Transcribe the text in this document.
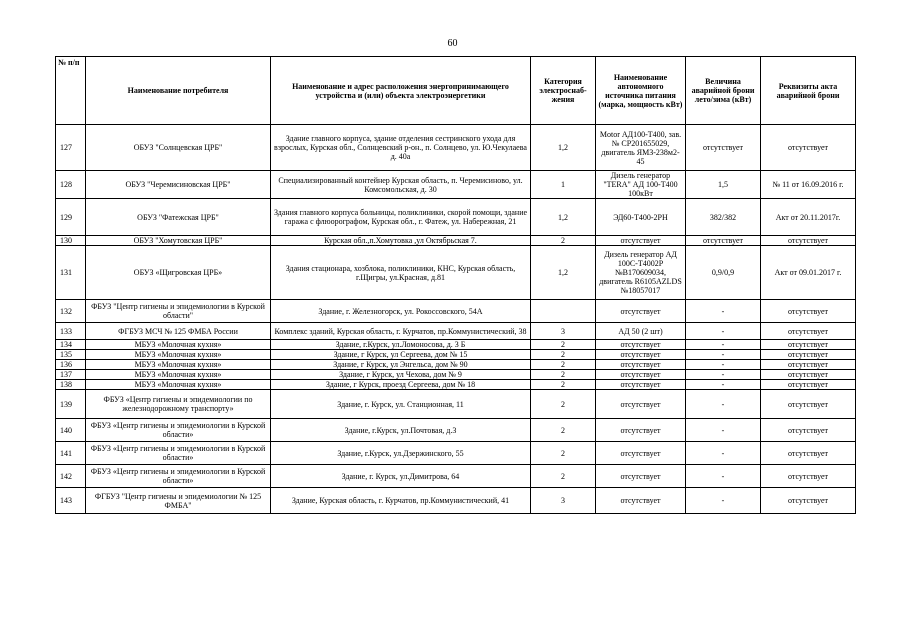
60
№ п/п	Наименование потребителя	Наименование и адрес расположения энергопринимающего устройства и (или) объекта электроэнергетики	Категория электроснаб-жения	Наименование автономного источника питания (марка, мощность кВт)	Величина аварийной брони лето/зима (кВт)	Реквизиты акта аварийной брони
127	ОБУЗ "Солнцевская ЦРБ"	Здание главного корпуса, здание отделения сестринского ухода для взрослых, Курская обл., Солнцевский р-он., п. Солнцево, ул. Ю.Чекулаева д. 40а	1,2	Motor АД100-Т400, зав. № CP201655029, двигатель ЯМЗ-238м2-45	отсутствует	отсутствует
128	ОБУЗ "Черемисиновская ЦРБ"	Специализированный контейнер Курская область, п. Черемисиново, ул. Комсомольская, д. 30	1	Дизель генератор "TERA" АД 100-Т400 100кВт	1,5	№ 11 от 16.09.2016 г.
129	ОБУЗ "Фатежская ЦРБ"	Здания главного корпуса больницы, поликлиники, скорой помощи, здание гаража с флюорографом, Курская обл., г. Фатеж, ул. Набережная, 21	1,2	ЭД60-Т400-2РН	382/382	Акт от 20.11.2017г.
130	ОБУЗ "Хомутовская ЦРБ"	Курская обл.,п.Хомутовка ,ул Октябрьская 7.	2	отсутствует	отсутствует	отсутствует
131	ОБУЗ «Щигровская ЦРБ»	Здания стационара, хозблока, поликлиники, КНС, Курская область, г.Щигры, ул.Красная, д.81	1,2	Дизель генератор АД 100С-Т4002Р №В170609034, двигатель R6105AZLDS №18057017	0,9/0,9	Акт от 09.01.2017 г.
132	ФБУЗ "Центр гигиены и эпидемиологии в Курской области"	Здание, г. Железногорск, ул. Рокоссовского, 54А		отсутствует	-	отсутствует
133	ФГБУЗ МСЧ № 125 ФМБА России	Комплекс зданий, Курская область, г. Курчатов, пр.Коммунистический, 38	3	АД 50 (2 шт)	-	отсутствует
134	МБУЗ «Молочная кухня»	Здание, г.Курск, ул.Ломоносова, д. 3 Б	2	отсутствует	-	отсутствует
135	МБУЗ «Молочная кухня»	Здание, г Курск, ул Сергеева, дом № 15	2	отсутствует	-	отсутствует
136	МБУЗ «Молочная кухня»	Здание, г Курск, ул Энгельса, дом № 90	2	отсутствует	-	отсутствует
137	МБУЗ «Молочная кухня»	Здание, г Курск, ул Чехова, дом № 9	2	отсутствует	-	отсутствует
138	МБУЗ «Молочная кухня»	Здание, г Курск, проезд Сергеева, дом № 18	2	отсутствует	-	отсутствует
139	ФБУЗ «Центр гигиены и эпидемиологии по железнодорожному транспорту»	Здание, г. Курск, ул. Станционная, 11	2	отсутствует	-	отсутствует
140	ФБУЗ «Центр гигиены и эпидемиологии в Курской области»	Здание, г.Курск, ул.Почтовая, д.3	2	отсутствует	-	отсутствует
141	ФБУЗ «Центр гигиены и эпидемиологии в Курской области»	Здание, г.Курск, ул.Дзержинского, 55	2	отсутствует	-	отсутствует
142	ФБУЗ «Центр гигиены и эпидемиологии в Курской области»	Здание, г. Курск, ул.Димитрова, 64	2	отсутствует	-	отсутствует
143	ФГБУЗ "Центр гигиены и эпидемиологии № 125 ФМБА"	Здание, Курская область, г. Курчатов, пр.Коммунистический, 41	3	отсутствует	-	отсутствует
